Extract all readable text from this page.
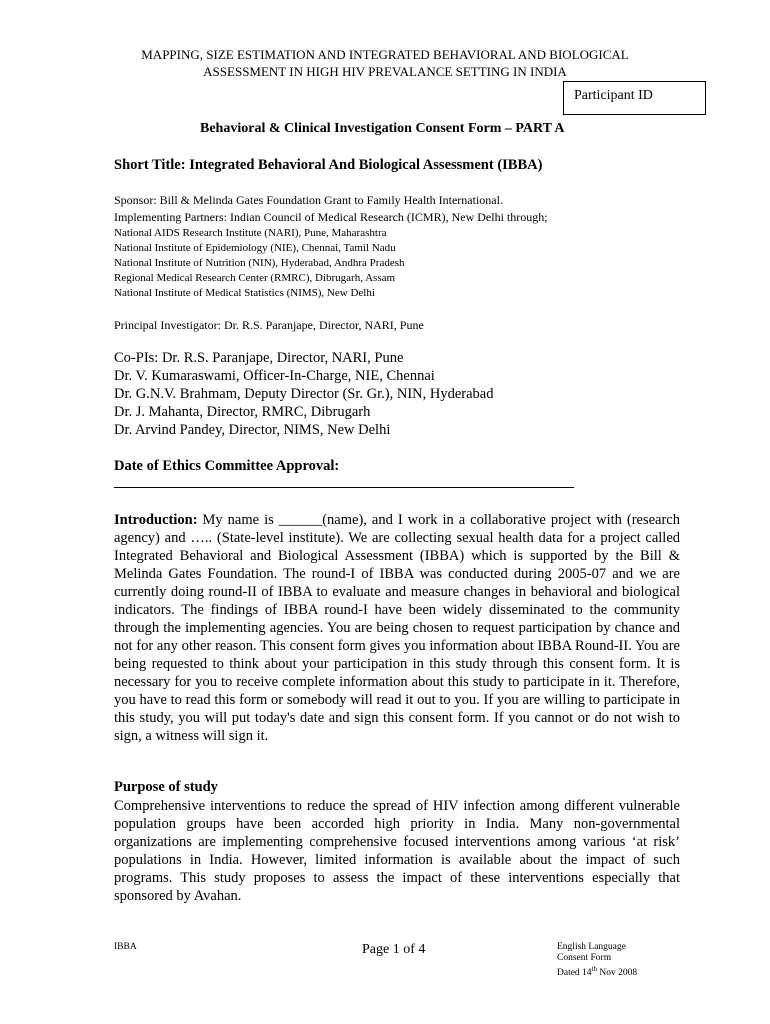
MAPPING, SIZE ESTIMATION AND INTEGRATED BEHAVIORAL AND BIOLOGICAL
ASSESSMENT IN HIGH HIV PREVALANCE SETTING IN INDIA
Participant ID
Behavioral & Clinical Investigation Consent Form – PART A
Short Title: Integrated Behavioral And Biological Assessment (IBBA)
Sponsor: Bill & Melinda Gates Foundation Grant to Family Health International.
Implementing Partners: Indian Council of Medical Research (ICMR), New Delhi through;
National AIDS Research Institute (NARI), Pune, Maharashtra
National Institute of Epidemiology (NIE), Chennai, Tamil Nadu
National Institute of Nutrition (NIN), Hyderabad, Andhra Pradesh
Regional Medical Research Center (RMRC), Dibrugarh, Assam
National Institute of Medical Statistics (NIMS), New Delhi
Principal Investigator: Dr. R.S. Paranjape, Director, NARI, Pune
Co-PIs: Dr. R.S. Paranjape, Director, NARI, Pune
Dr. V. Kumaraswami, Officer-In-Charge, NIE, Chennai
Dr. G.N.V. Brahmam, Deputy Director (Sr. Gr.), NIN, Hyderabad
Dr. J. Mahanta, Director, RMRC, Dibrugarh
Dr. Arvind Pandey, Director, NIMS, New Delhi
Date of Ethics Committee Approval:
Introduction: My name is ______(name), and I work in a collaborative project with (research agency) and ….. (State-level institute). We are collecting sexual health data for a project called Integrated Behavioral and Biological Assessment (IBBA) which is supported by the Bill & Melinda Gates Foundation. The round-I of IBBA was conducted during 2005-07 and we are currently doing round-II of IBBA to evaluate and measure changes in behavioral and biological indicators. The findings of IBBA round-I have been widely disseminated to the community through the implementing agencies. You are being chosen to request participation by chance and not for any other reason. This consent form gives you information about IBBA Round-II. You are being requested to think about your participation in this study through this consent form. It is necessary for you to receive complete information about this study to participate in it. Therefore, you have to read this form or somebody will read it out to you. If you are willing to participate in this study, you will put today's date and sign this consent form. If you cannot or do not wish to sign, a witness will sign it.
Purpose of study
Comprehensive interventions to reduce the spread of HIV infection among different vulnerable population groups have been accorded high priority in India. Many non-governmental organizations are implementing comprehensive focused interventions among various ‘at risk’ populations in India. However, limited information is available about the impact of such programs. This study proposes to assess the impact of these interventions especially that sponsored by Avahan.
IBBA	Page 1 of 4	English Language
Consent Form
Dated 14th Nov 2008
